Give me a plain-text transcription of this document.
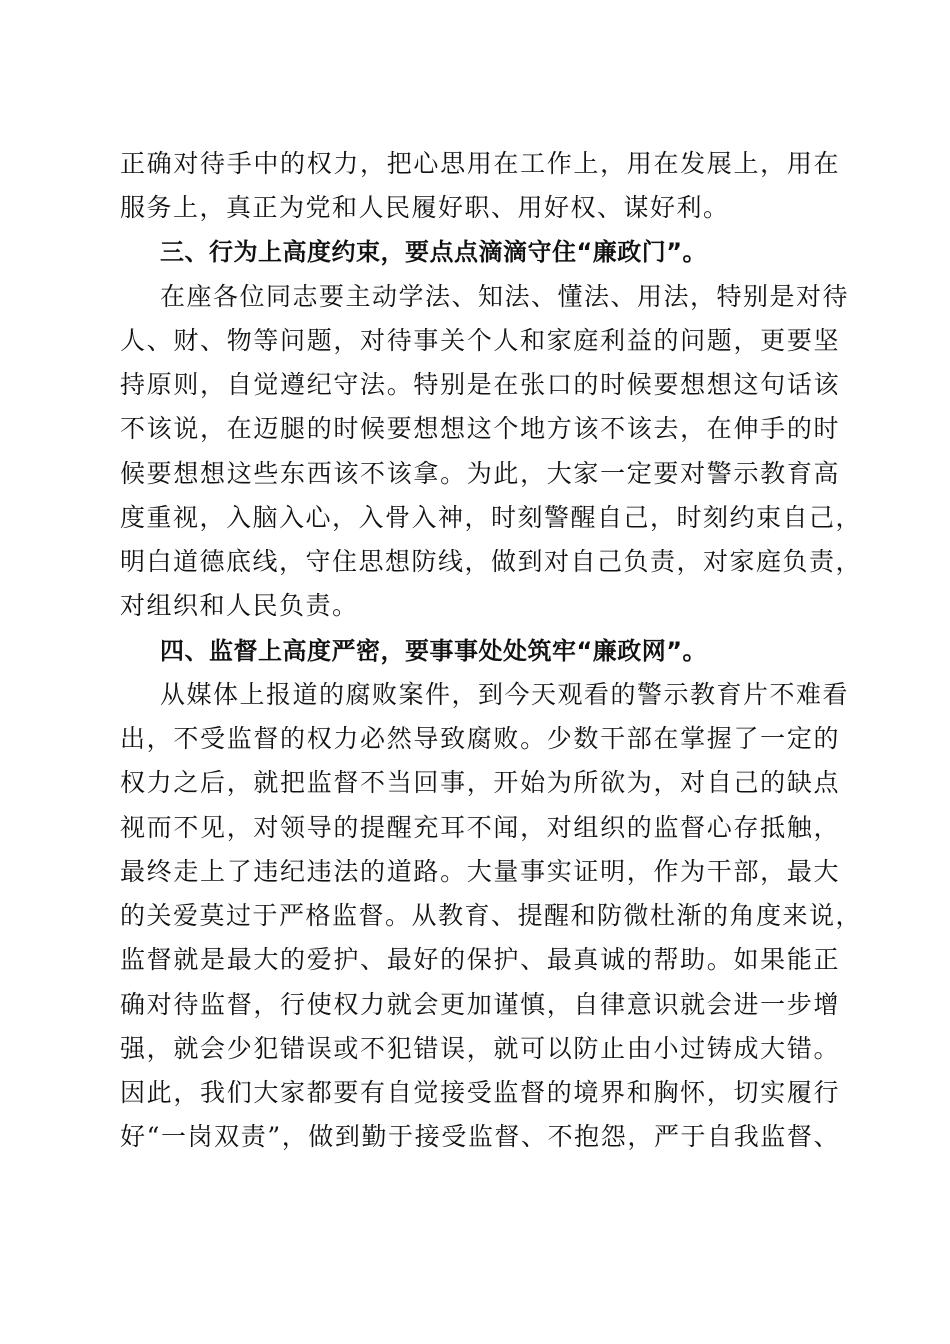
正确对待手中的权力，把心思用在工作上，用在发展上，用在
服务上，真正为党和人民履好职、用好权、谋好利。
三、行为上高度约束，要点点滴滴守住“廉政门”。
在座各位同志要主动学法、知法、懂法、用法，特别是对待
人、财、物等问题，对待事关个人和家庭利益的问题，更要坚
持原则，自觉遵纪守法。特别是在张口的时候要想想这句话该
不该说，在迈腿的时候要想想这个地方该不该去，在伸手的时
候要想想这些东西该不该拿。为此，大家一定要对警示教育高
度重视，入脑入心，入骨入神，时刻警醒自己，时刻约束自己，
明白道德底线，守住思想防线，做到对自己负责，对家庭负责，
对组织和人民负责。
四、监督上高度严密，要事事处处筑牢“廉政网”。
从媒体上报道的腐败案件，到今天观看的警示教育片不难看
出，不受监督的权力必然导致腐败。少数干部在掌握了一定的
权力之后，就把监督不当回事，开始为所欲为，对自己的缺点
视而不见，对领导的提醒充耳不闻，对组织的监督心存抵触，
最终走上了违纪违法的道路。大量事实证明，作为干部，最大
的关爱莫过于严格监督。从教育、提醒和防微杜渐的角度来说，
监督就是最大的爱护、最好的保护、最真诚的帮助。如果能正
确对待监督，行使权力就会更加谨慎，自律意识就会进一步增
强，就会少犯错误或不犯错误，就可以防止由小过铸成大错。
因此，我们大家都要有自觉接受监督的境界和胸怀，切实履行
好“一岗双责”，做到勤于接受监督、不抱怨，严于自我监督、
